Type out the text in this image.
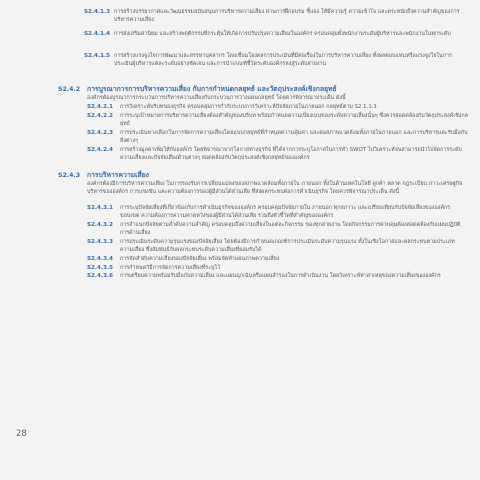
S2.4.1.3 การสร้างบรรยากาศและวัฒนธรรมสนับสนุนการบริหารความเสี่ยง ผ่านการฝึกอบรม ชี้แจง ให้มีความรู้ ความเข้าใจ และตระหนักถึงความสำคัญของการบริหารความเสี่ยง
S2.4.1.4 การส่งเสริมค่านิยม และสร้างพฤติกรรมที่กระตุ้นให้เกิดการปรับปรุงความเสี่ยงในองค์กร ครอบคลุมทั้งพนักงานระดับผู้บริหารและพนักงานในทุกระดับ
S2.4.1.5 การสร้างแรงจูงใจการพัฒนาและสรรหาบุคลากร โดยเชื่อมโยงผลการประเมินที่มีต่อเรื่องในการบริหารความเสี่ยง ทั้งผลตอบแทนหรือแรงจูงใจในการประเมินผู้บริหารแต่ละระดับอย่างชัดเจน และการนำเกณฑ์ชี้วัดระดับองค์กรลงสู่ระดับสายงาน
S2.4.2 การบูรณาการการบริหารความเสี่ยง กับการกำหนดกลยุทธ์ และวัตถุประสงค์เชิงกลยุทธ์
องค์กรต้องบูรณาการกระบวนการบริหารความเสี่ยงกับกระบวนการวางแผนกลยุทธ์ โดยควรพิจารณาประเด็น ดังนี้
S2.4.2.1 การวิเคราะห์บริบทของธุรกิจ ครอบคลุมการกำกับระบบการวิเคราะห์ปัจจัยภายในภายนอก กลยุทธ์ตาม S2.1.1.1
S2.4.2.2 การระบุเป้าหมายการบริหารความเสี่ยงต้องสำคัญของบริบท พร้อมกำหนดความเบี่ยงเบนของระดับความเสี่ยงนั้นๆ ซึ่งควรสอดคล้องกับวัตถุประสงค์เชิงกลยุทธ์
S2.4.2.3 การประเมินทางเลือกในการจัดการความเสี่ยงโดยแบบกลยุทธ์ที่กำหนดความคุ้มค่า และต่อสภาพแวดล้อมทั้งภายในภายนอก และการบริหารและรับมือกับสิ่งต่างๆ
S2.4.2.4 การสร้างมูลค่าเพิ่มให้กับองค์กร โดยพิจารณาจากโอกาสทางธุรกิจ ที่ได้จากการระบุโอกาสในการทำ SWOT ไปวิเคราะห์จนสามารถนำไปจัดการระดับความเสี่ยงและปัจจัยเสี่ยงด้านต่างๆ สอดคล้องกับวัตถุประสงค์เชิงกลยุทธ์ขององค์กร
S2.4.3 การบริหารความเสี่ยง
องค์กรต้องมีการบริหารความเสี่ยง ในการรองรับการเปลี่ยนแปลงของสภาพแวดล้อมทั้งภายใน ภายนอก ทั้งในด้านเทคโนโลยี ลูกค้า ตลาด กฎระเบียบ ภาวะเศรษฐกิจ บริหารขององค์กร การแข่งขัน และความต้องการของผู้มีส่วนได้ส่วนเสีย ที่ส่งผลกระทบต่อการดำเนินธุรกิจ โดยควรพิจารณาประเด็น ดังนี้
S2.4.3.1 การระบุปัจจัยเสี่ยงที่เกี่ยวข้องกับการดำเนินธุรกิจขององค์กร ครอบคลุมปัจจัยภายใน ภายนอก ทุกสภาวะ และเปรียบเทียบกับปัจจัยเสี่ยงขององค์กร ขอบเขต ความต้องการความคาดหวังของผู้มีส่วนได้ส่วนเสีย รวมถึงตัวชี้วัดที่สำคัญขององค์กร
S2.4.3.2 การจำแนกปัจจัยตามลำดับความสำคัญ ครอบคลุมถึงความเสี่ยงในแต่ละกิจกรรม ของทุกสายงาน โดยกิจกรรมการควบคุมต้องสอดคล้องกับแผนปฏิบัติการด้านเสี่ยง
S2.4.3.3 การประเมินระดับความรุนแรงของปัจจัยเสี่ยง โดยต้องมีการกำหนดเกณฑ์การประเมินระดับความรุนแรง ทั้งในเชิงโอกาสและผลกระทบตามประเภทความเสี่ยง ซึ่งสัมพันธ์กับผลกระทบระดับความเสี่ยงที่ยอมรับได้
S2.4.3.4 การจัดลำดับความเสี่ยงของปัจจัยเสี่ยง พร้อมจัดทำแผนภาพความเสี่ยง
S2.4.3.5 การกำหนดวิธีการจัดการความเสี่ยงที่ระบุไว้
S2.4.3.6 การเตรียมความพร้อมรับมือกับความเสี่ยง และแผนฉุกเฉินหรือแผนสำรองในการดำเนินงาน โดยวิเคราะห์หาสาเหตุของความเสี่ยงขององค์กร
28
